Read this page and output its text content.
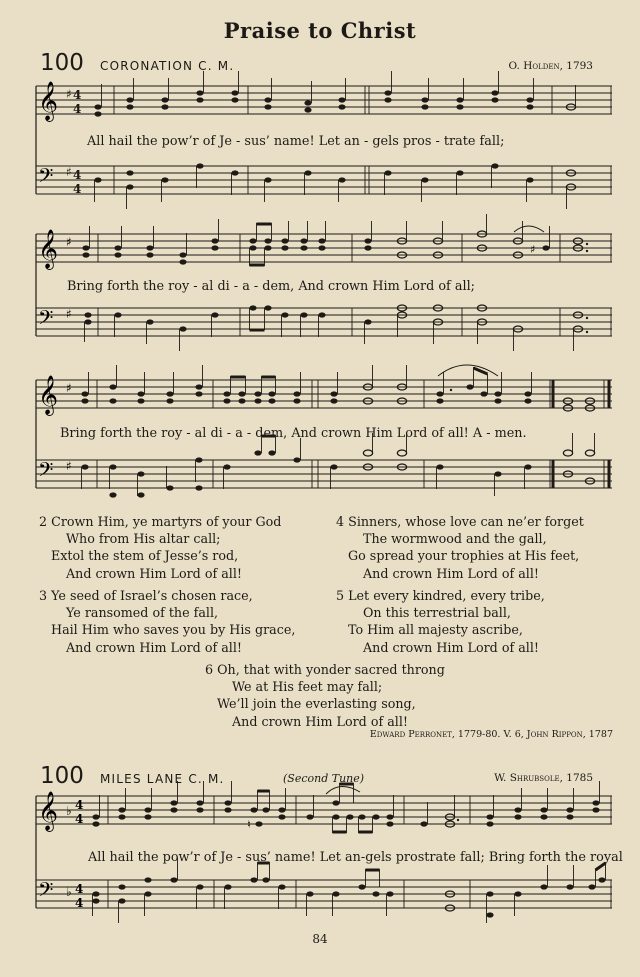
Praise to Christ
100 CORONATION C. M.	O. Holden, 1793
𝄞
𝄢
♯
♯
4
4
4
4
All hail the pow’r of Je - sus’ name! Let an - gels pros - trate fall;
𝄞
𝄢
♯
♯
♯
Bring forth the roy - al di - a - dem, And crown Him Lord of all;
𝄞
𝄢
♯
♯
Bring forth the roy - al di - a - dem, And crown Him Lord of all! A - men.
2 Crown Him, ye martyrs of your God
Who from His altar call;
Extol the stem of Jesse’s rod,
And crown Him Lord of all!
3 Ye seed of Israel’s chosen race,
Ye ransomed of the fall,
Hail Him who saves you by His grace,
And crown Him Lord of all!
4 Sinners, whose love can ne’er forget
The wormwood and the gall,
Go spread your trophies at His feet,
And crown Him Lord of all!
5 Let every kindred, every tribe,
On this terrestrial ball,
To Him all majesty ascribe,
And crown Him Lord of all!
6 Oh, that with yonder sacred throng
We at His feet may fall;
We’ll join the everlasting song,
And crown Him Lord of all!
Edward Perronet, 1779-80. V. 6, John Rippon, 1787
100 MILES LANE C. M.	(Second Tune)	W. Shrubsole, 1785
𝄞
𝄢
♭
♭
4
4
4
4
♮
All hail the pow’r of Je - sus’ name! Let an-gels prostrate fall; Bring forth the royal
84
